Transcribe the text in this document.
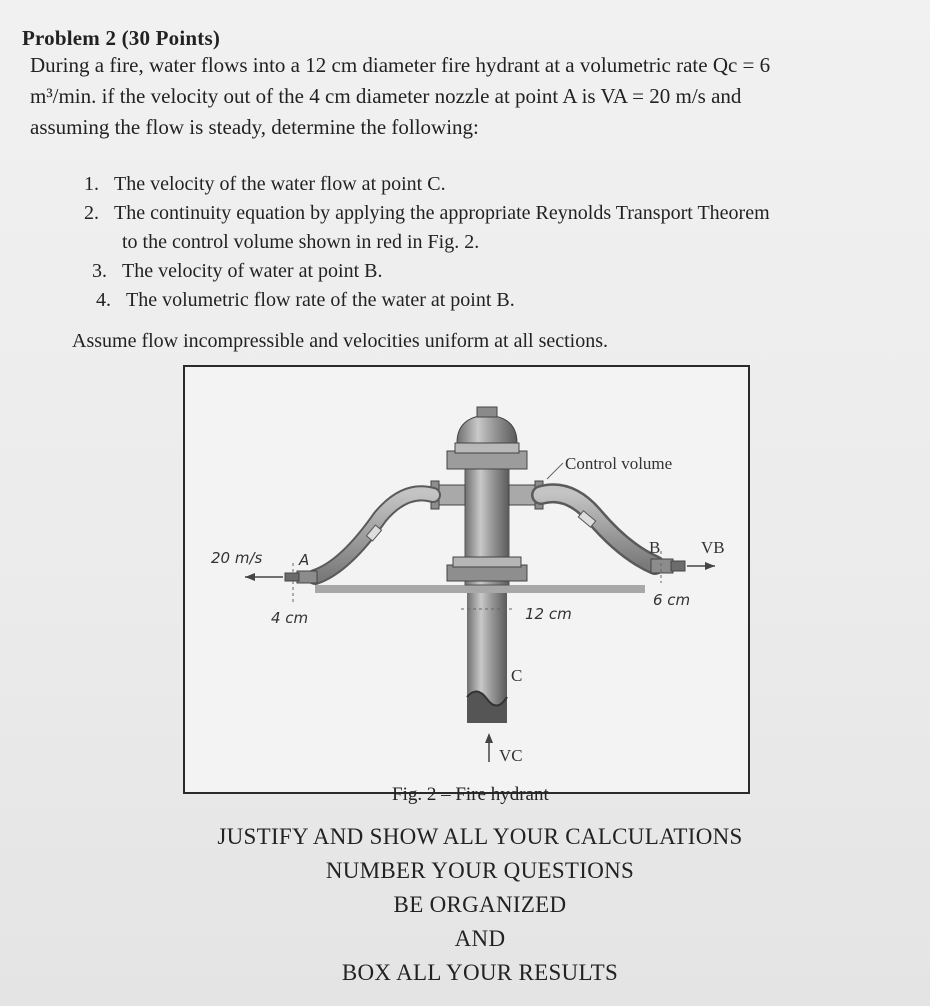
Problem 2 (30 Points)
During a fire, water flows into a 12 cm diameter fire hydrant at a volumetric rate Qc = 6
m³/min. if the velocity out of the 4 cm diameter nozzle at point A is VA = 20 m/s and
assuming the flow is steady, determine the following:
1. The velocity of the water flow at point C.
2. The continuity equation by applying the appropriate Reynolds Transport Theorem
to the control volume shown in red in Fig. 2.
3. The velocity of water at point B.
4. The volumetric flow rate of the water at point B.
Assume flow incompressible and velocities uniform at all sections.
20 m/s A
4 cm	12 cm
C
VC
Control volume
B VB
6 cm
Fig. 2 – Fire hydrant
JUSTIFY AND SHOW ALL YOUR CALCULATIONS
NUMBER YOUR QUESTIONS
BE ORGANIZED
AND
BOX ALL YOUR RESULTS
